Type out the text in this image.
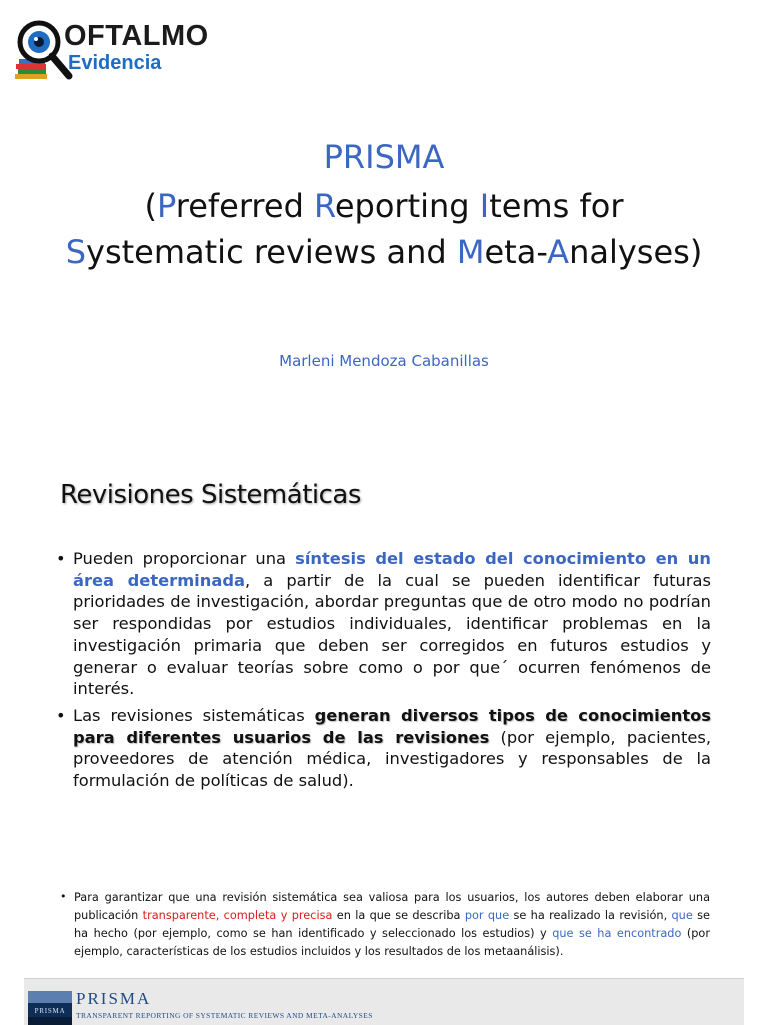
OFTALMO
Evidencia
PRISMA
(Preferred Reporting Items for
Systematic reviews and Meta-Analyses)
Marleni Mendoza Cabanillas
Revisiones Sistemáticas
• Pueden proporcionar una síntesis del estado del conocimiento en un área determinada, a partir de la cual se pueden identificar futuras prioridades de investigación, abordar preguntas que de otro modo no podrían ser respondidas por estudios individuales, identificar problemas en la investigación primaria que deben ser corregidos en futuros estudios y generar o evaluar teorías sobre como o por que´ ocurren fenómenos de interés.
• Las revisiones sistemáticas generan diversos tipos de conocimientos para diferentes usuarios de las revisiones (por ejemplo, pacientes, proveedores de atención médica, investigadores y responsables de la formulación de políticas de salud).
• Para garantizar que una revisión sistemática sea valiosa para los usuarios, los autores deben elaborar una publicación transparente, completa y precisa en la que se describa por que se ha realizado la revisión, que se ha hecho (por ejemplo, como se han identificado y seleccionado los estudios) y que se ha encontrado (por ejemplo, características de los estudios incluidos y los resultados de los metaanálisis).
PRISMA
PRISMA
TRANSPARENT REPORTING OF SYSTEMATIC REVIEWS AND META-ANALYSES
